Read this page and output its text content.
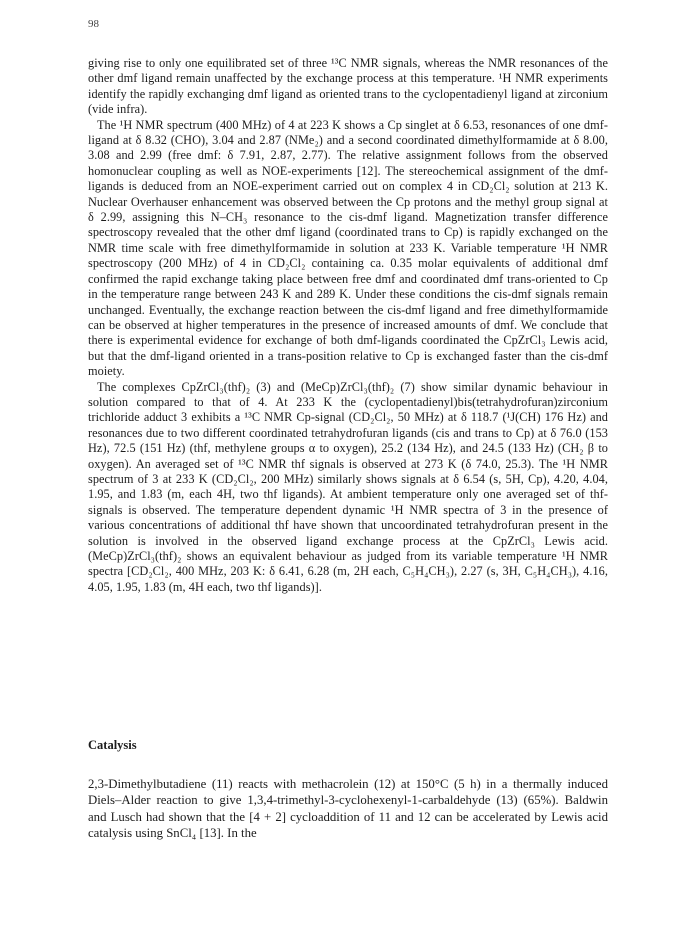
98

giving rise to only one equilibrated set of three ¹³C NMR signals, whereas the NMR resonances of the other dmf ligand remain unaffected by the exchange process at this temperature. ¹H NMR experiments identify the rapidly exchanging dmf ligand as oriented trans to the cyclopentadienyl ligand at zirconium (vide infra).

The ¹H NMR spectrum (400 MHz) of 4 at 223 K shows a Cp singlet at δ 6.53, resonances of one dmf-ligand at δ 8.32 (CHO), 3.04 and 2.87 (NMe₂) and a second coordinated dimethylformamide at δ 8.00, 3.08 and 2.99 (free dmf: δ 7.91, 2.87, 2.77). The relative assignment follows from the observed homonuclear coupling as well as NOE-experiments [12]. The stereochemical assignment of the dmf-ligands is deduced from an NOE-experiment carried out on complex 4 in CD₂Cl₂ solution at 213 K. Nuclear Overhauser enhancement was observed between the Cp protons and the methyl group signal at δ 2.99, assigning this N–CH₃ resonance to the cis-dmf ligand. Magnetization transfer difference spectroscopy revealed that the other dmf ligand (coordinated trans to Cp) is rapidly exchanged on the NMR time scale with free dimethylformamide in solution at 233 K. Variable temperature ¹H NMR spectroscopy (200 MHz) of 4 in CD₂Cl₂ containing ca. 0.35 molar equivalents of additional dmf confirmed the rapid exchange taking place between free dmf and coordinated dmf trans-oriented to Cp in the temperature range between 243 K and 289 K. Under these conditions the cis-dmf signals remain unchanged. Eventually, the exchange reaction between the cis-dmf ligand and free dimethylformamide can be observed at higher temperatures in the presence of increased amounts of dmf. We conclude that there is experimental evidence for exchange of both dmf-ligands coordinated the CpZrCl₃ Lewis acid, but that the dmf-ligand oriented in a trans-position relative to Cp is exchanged faster than the cis-dmf moiety.

The complexes CpZrCl₃(thf)₂ (3) and (MeCp)ZrCl₃(thf)₂ (7) show similar dynamic behaviour in solution compared to that of 4. At 233 K the (cyclopentadienyl)bis(tetrahydrofuran)zirconium trichloride adduct 3 exhibits a ¹³C NMR Cp-signal (CD₂Cl₂, 50 MHz) at δ 118.7 (¹J(CH) 176 Hz) and resonances due to two different coordinated tetrahydrofuran ligands (cis and trans to Cp) at δ 76.0 (153 Hz), 72.5 (151 Hz) (thf, methylene groups α to oxygen), 25.2 (134 Hz), and 24.5 (133 Hz) (CH₂ β to oxygen). An averaged set of ¹³C NMR thf signals is observed at 273 K (δ 74.0, 25.3). The ¹H NMR spectrum of 3 at 233 K (CD₂Cl₂, 200 MHz) similarly shows signals at δ 6.54 (s, 5H, Cp), 4.20, 4.04, 1.95, and 1.83 (m, each 4H, two thf ligands). At ambient temperature only one averaged set of thf-signals is observed. The temperature dependent dynamic ¹H NMR spectra of 3 in the presence of various concentrations of additional thf have shown that uncoordinated tetrahydrofuran present in the solution is involved in the observed ligand exchange process at the CpZrCl₃ Lewis acid. (MeCp)ZrCl₃(thf)₂ shows an equivalent behaviour as judged from its variable temperature ¹H NMR spectra [CD₂Cl₂, 400 MHz, 203 K: δ 6.41, 6.28 (m, 2H each, C₅H₄CH₃), 2.27 (s, 3H, C₅H₄CH₃), 4.16, 4.05, 1.95, 1.83 (m, 4H each, two thf ligands)].

Catalysis

2,3-Dimethylbutadiene (11) reacts with methacrolein (12) at 150°C (5 h) in a thermally induced Diels–Alder reaction to give 1,3,4-trimethyl-3-cyclohexenyl-1-carbaldehyde (13) (65%). Baldwin and Lusch had shown that the [4 + 2] cycloaddition of 11 and 12 can be accelerated by Lewis acid catalysis using SnCl₄ [13]. In the
